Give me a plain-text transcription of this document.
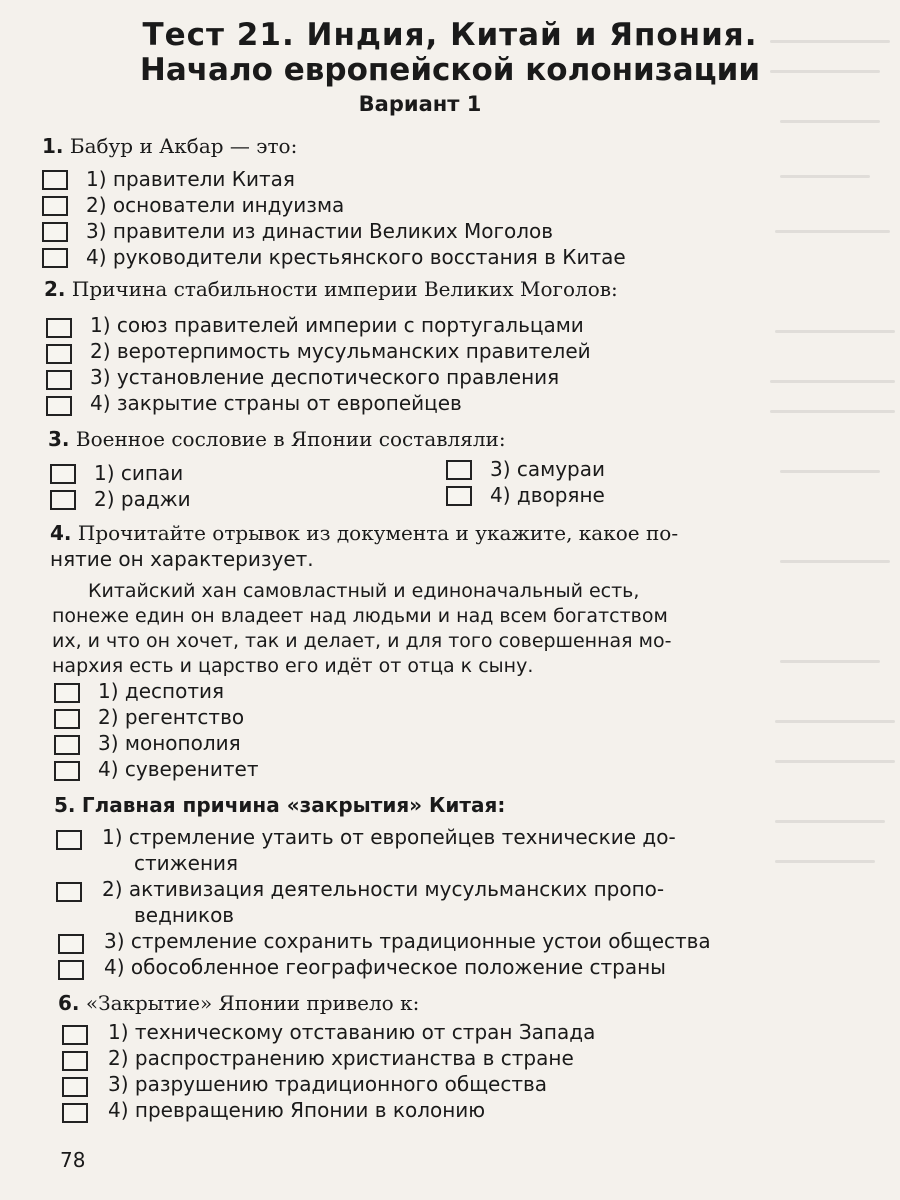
Тест 21. Индия, Китай и Япония.
Начало европейской колонизации
Вариант 1
1. Бабур и Акбар — это:
1) правители Китая
2) основатели индуизма
3) правители из династии Великих Моголов
4) руководители крестьянского восстания в Китае
2. Причина стабильности империи Великих Моголов:
1) союз правителей империи с португальцами
2) веротерпимость мусульманских правителей
3) установление деспотического правления
4) закрытие страны от европейцев
3. Военное сословие в Японии составляли:
1) сипаи
2) раджи
3) самураи
4) дворяне
4. Прочитайте отрывок из документа и укажите, какое по-
нятие он характеризует.
Китайский хан самовластный и единоначальный есть,
понеже един он владеет над людьми и над всем богатством
их, и что он хочет, так и делает, и для того совершенная мо-
нархия есть и царство его идёт от отца к сыну.
1) деспотия
2) регентство
3) монополия
4) суверенитет
5. Главная причина «закрытия» Китая:
1) стремление утаить от европейцев технические до-
стижения
2) активизация деятельности мусульманских пропо-
ведников
3) стремление сохранить традиционные устои общества
4) обособленное географическое положение страны
6. «Закрытие» Японии привело к:
1) техническому отставанию от стран Запада
2) распространению христианства в стране
3) разрушению традиционного общества
4) превращению Японии в колонию
78
